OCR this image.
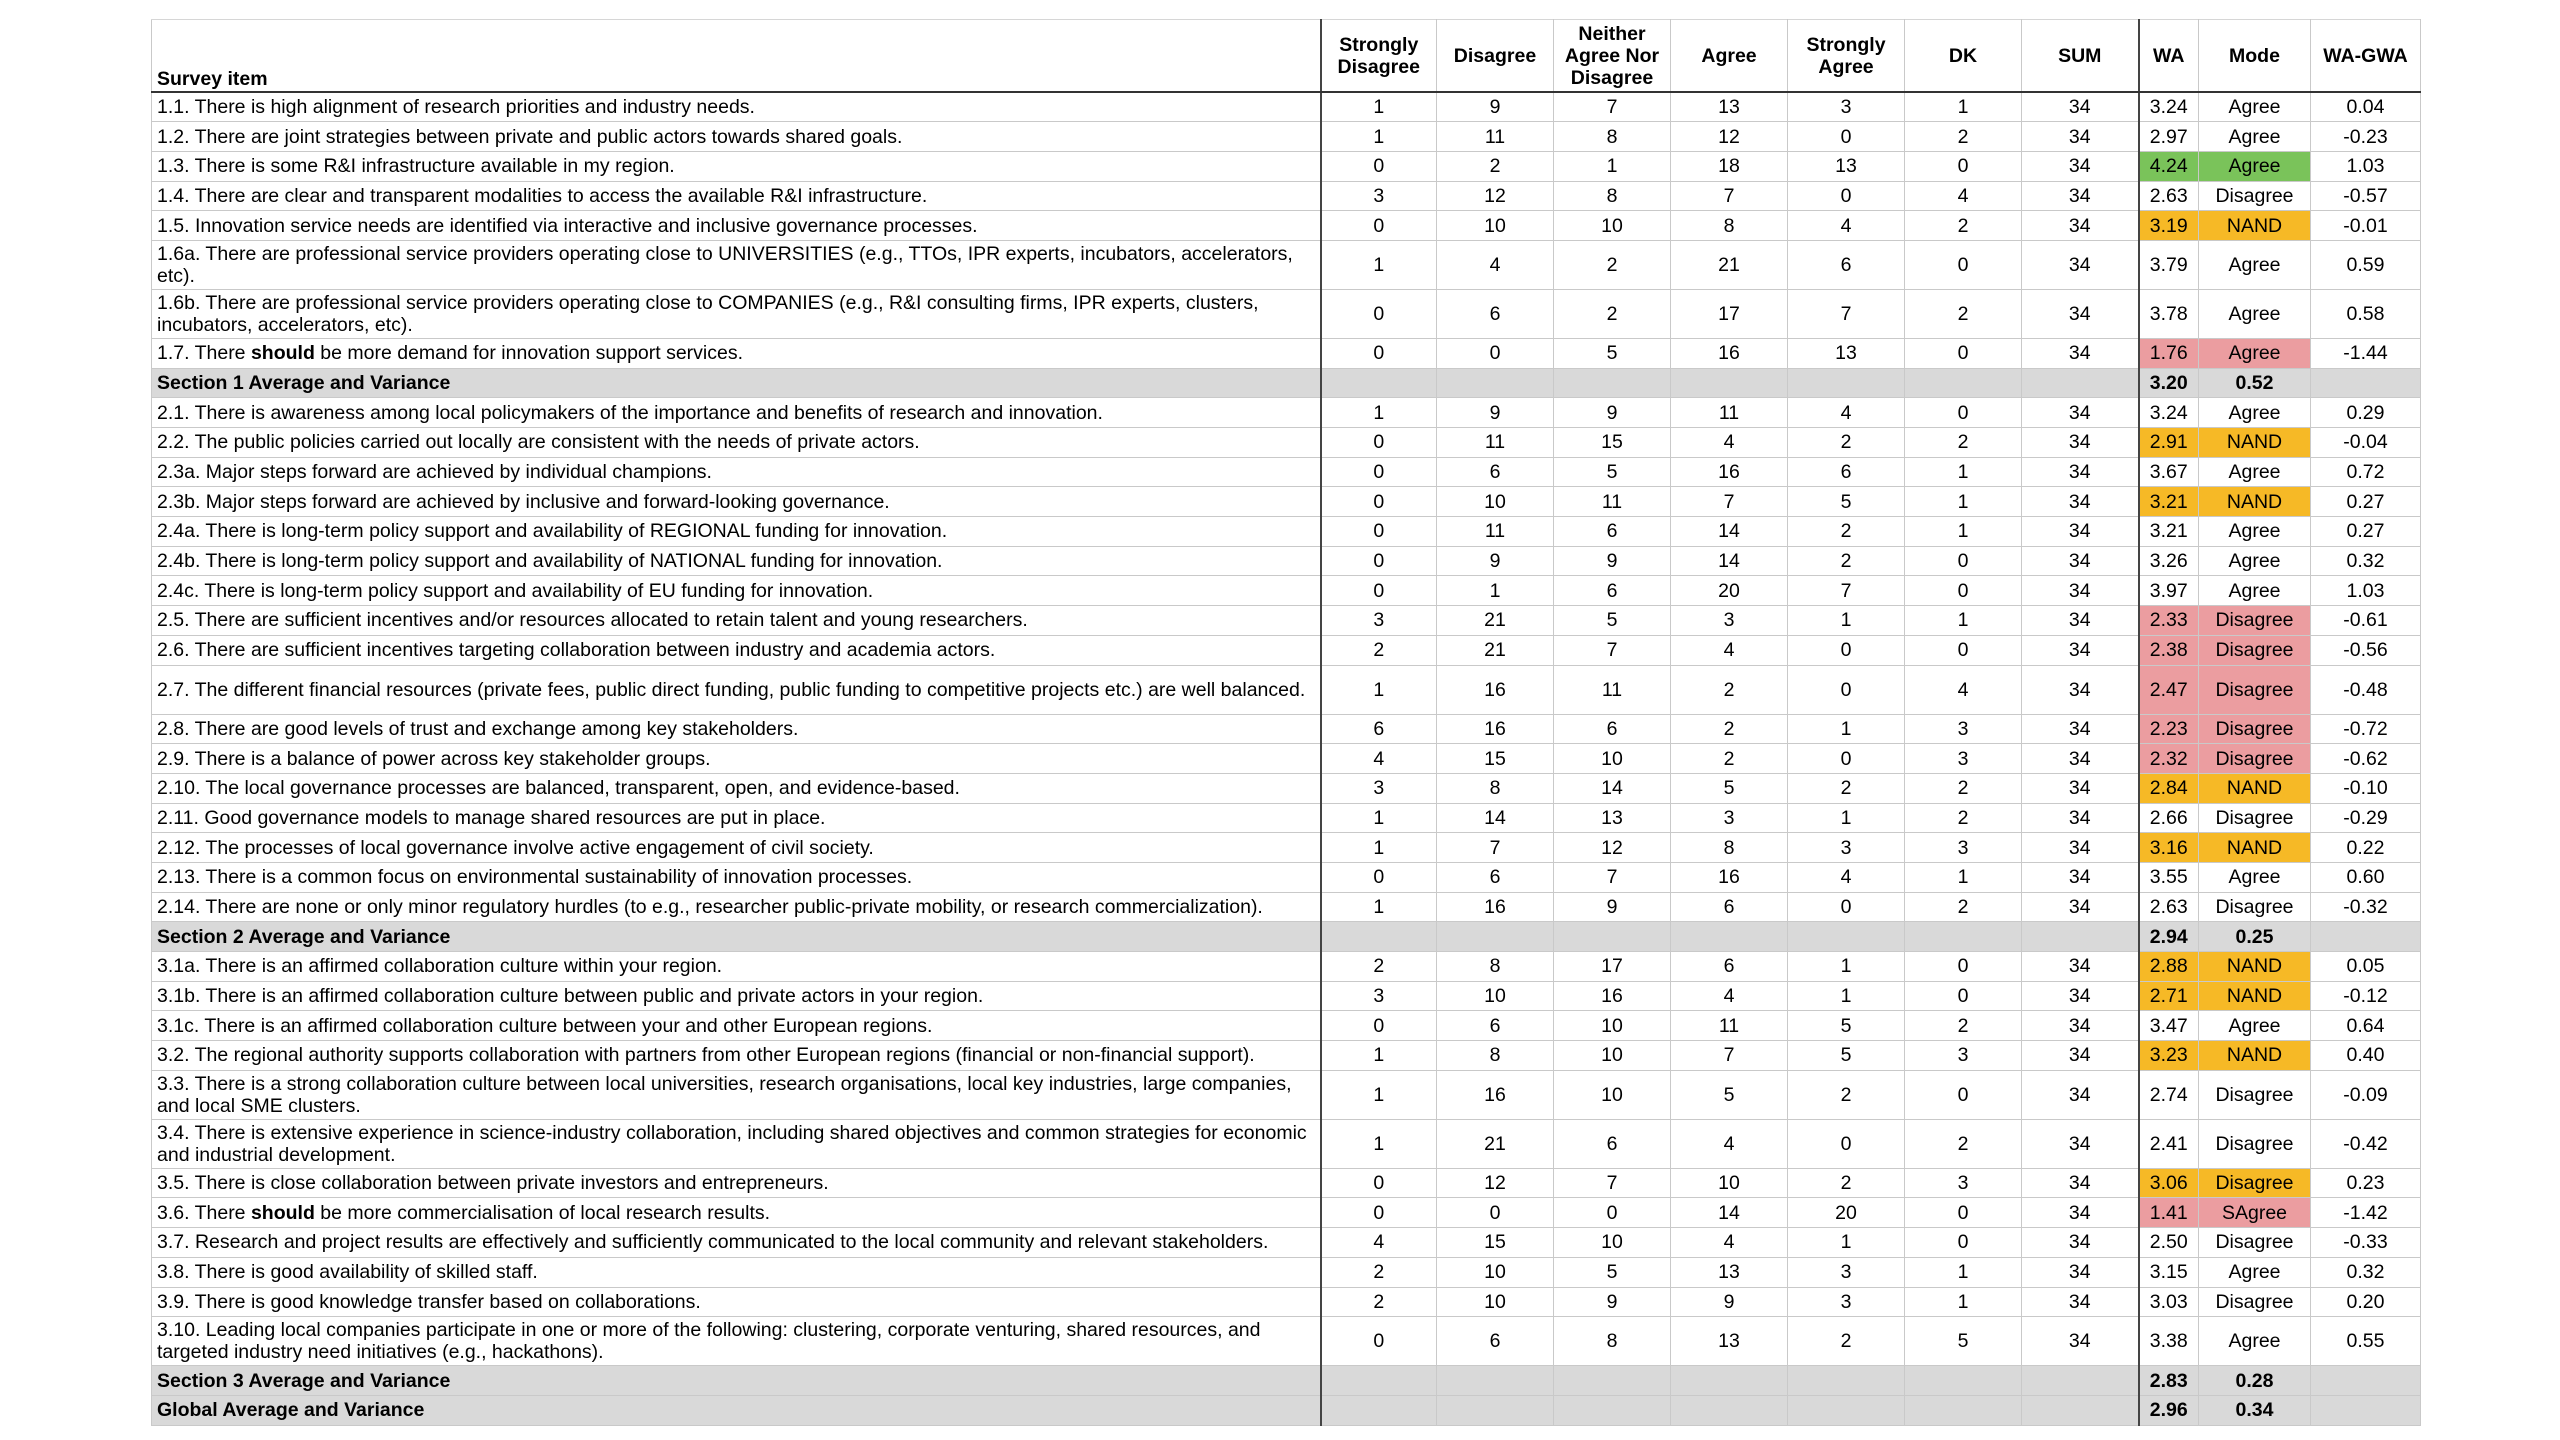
Survey item	Strongly Disagree	Disagree	Neither Agree Nor Disagree	Agree	Strongly Agree	DK	SUM	WA	Mode	WA-GWA
1.1. There is high alignment of research priorities and industry needs.	1	9	7	13	3	1	34	3.24	Agree	0.04
1.2. There are joint strategies between private and public actors towards shared goals.	1	11	8	12	0	2	34	2.97	Agree	-0.23
1.3. There is some R&I infrastructure available in my region.	0	2	1	18	13	0	34	4.24	Agree	1.03
1.4. There are clear and transparent modalities to access the available R&I infrastructure.	3	12	8	7	0	4	34	2.63	Disagree	-0.57
1.5. Innovation service needs are identified via interactive and inclusive governance processes.	0	10	10	8	4	2	34	3.19	NAND	-0.01
1.6a. There are professional service providers operating close to UNIVERSITIES (e.g., TTOs, IPR experts, incubators, accelerators, etc).	1	4	2	21	6	0	34	3.79	Agree	0.59
1.6b. There are professional service providers operating close to COMPANIES (e.g., R&I consulting firms, IPR experts, clusters, incubators, accelerators, etc).	0	6	2	17	7	2	34	3.78	Agree	0.58
1.7. There should be more demand for innovation support services.	0	0	5	16	13	0	34	1.76	Agree	-1.44
Section 1 Average and Variance								3.20	0.52	
2.1. There is awareness among local policymakers of the importance and benefits of research and innovation.	1	9	9	11	4	0	34	3.24	Agree	0.29
2.2. The public policies carried out locally are consistent with the needs of private actors.	0	11	15	4	2	2	34	2.91	NAND	-0.04
2.3a. Major steps forward are achieved by individual champions.	0	6	5	16	6	1	34	3.67	Agree	0.72
2.3b. Major steps forward are achieved by inclusive and forward-looking governance.	0	10	11	7	5	1	34	3.21	NAND	0.27
2.4a. There is long-term policy support and availability of REGIONAL funding for innovation.	0	11	6	14	2	1	34	3.21	Agree	0.27
2.4b. There is long-term policy support and availability of NATIONAL funding for innovation.	0	9	9	14	2	0	34	3.26	Agree	0.32
2.4c. There is long-term policy support and availability of EU funding for innovation.	0	1	6	20	7	0	34	3.97	Agree	1.03
2.5. There are sufficient incentives and/or resources allocated to retain talent and young researchers.	3	21	5	3	1	1	34	2.33	Disagree	-0.61
2.6. There are sufficient incentives targeting collaboration between industry and academia actors.	2	21	7	4	0	0	34	2.38	Disagree	-0.56
2.7. The different financial resources (private fees, public direct funding, public funding to competitive projects etc.) are well balanced.	1	16	11	2	0	4	34	2.47	Disagree	-0.48
2.8. There are good levels of trust and exchange among key stakeholders.	6	16	6	2	1	3	34	2.23	Disagree	-0.72
2.9. There is a balance of power across key stakeholder groups.	4	15	10	2	0	3	34	2.32	Disagree	-0.62
2.10. The local governance processes are balanced, transparent, open, and evidence-based.	3	8	14	5	2	2	34	2.84	NAND	-0.10
2.11. Good governance models to manage shared resources are put in place.	1	14	13	3	1	2	34	2.66	Disagree	-0.29
2.12. The processes of local governance involve active engagement of civil society.	1	7	12	8	3	3	34	3.16	NAND	0.22
2.13. There is a common focus on environmental sustainability of innovation processes.	0	6	7	16	4	1	34	3.55	Agree	0.60
2.14. There are none or only minor regulatory hurdles (to e.g., researcher public-private mobility, or research commercialization).	1	16	9	6	0	2	34	2.63	Disagree	-0.32
Section 2 Average and Variance								2.94	0.25	
3.1a. There is an affirmed collaboration culture within your region.	2	8	17	6	1	0	34	2.88	NAND	0.05
3.1b. There is an affirmed collaboration culture between public and private actors in your region.	3	10	16	4	1	0	34	2.71	NAND	-0.12
3.1c. There is an affirmed collaboration culture between your and other European regions.	0	6	10	11	5	2	34	3.47	Agree	0.64
3.2. The regional authority supports collaboration with partners from other European regions (financial or non-financial support).	1	8	10	7	5	3	34	3.23	NAND	0.40
3.3. There is a strong collaboration culture between local universities, research organisations, local key industries, large companies, and local SME clusters.	1	16	10	5	2	0	34	2.74	Disagree	-0.09
3.4. There is extensive experience in science-industry collaboration, including shared objectives and common strategies for economic and industrial development.	1	21	6	4	0	2	34	2.41	Disagree	-0.42
3.5. There is close collaboration between private investors and entrepreneurs.	0	12	7	10	2	3	34	3.06	Disagree	0.23
3.6. There should be more commercialisation of local research results.	0	0	0	14	20	0	34	1.41	SAgree	-1.42
3.7. Research and project results are effectively and sufficiently communicated to the local community and relevant stakeholders.	4	15	10	4	1	0	34	2.50	Disagree	-0.33
3.8. There is good availability of skilled staff.	2	10	5	13	3	1	34	3.15	Agree	0.32
3.9. There is good knowledge transfer based on collaborations.	2	10	9	9	3	1	34	3.03	Disagree	0.20
3.10. Leading local companies participate in one or more of the following: clustering, corporate venturing, shared resources, and targeted industry need initiatives (e.g., hackathons).	0	6	8	13	2	5	34	3.38	Agree	0.55
Section 3 Average and Variance								2.83	0.28	
Global Average and Variance								2.96	0.34	
